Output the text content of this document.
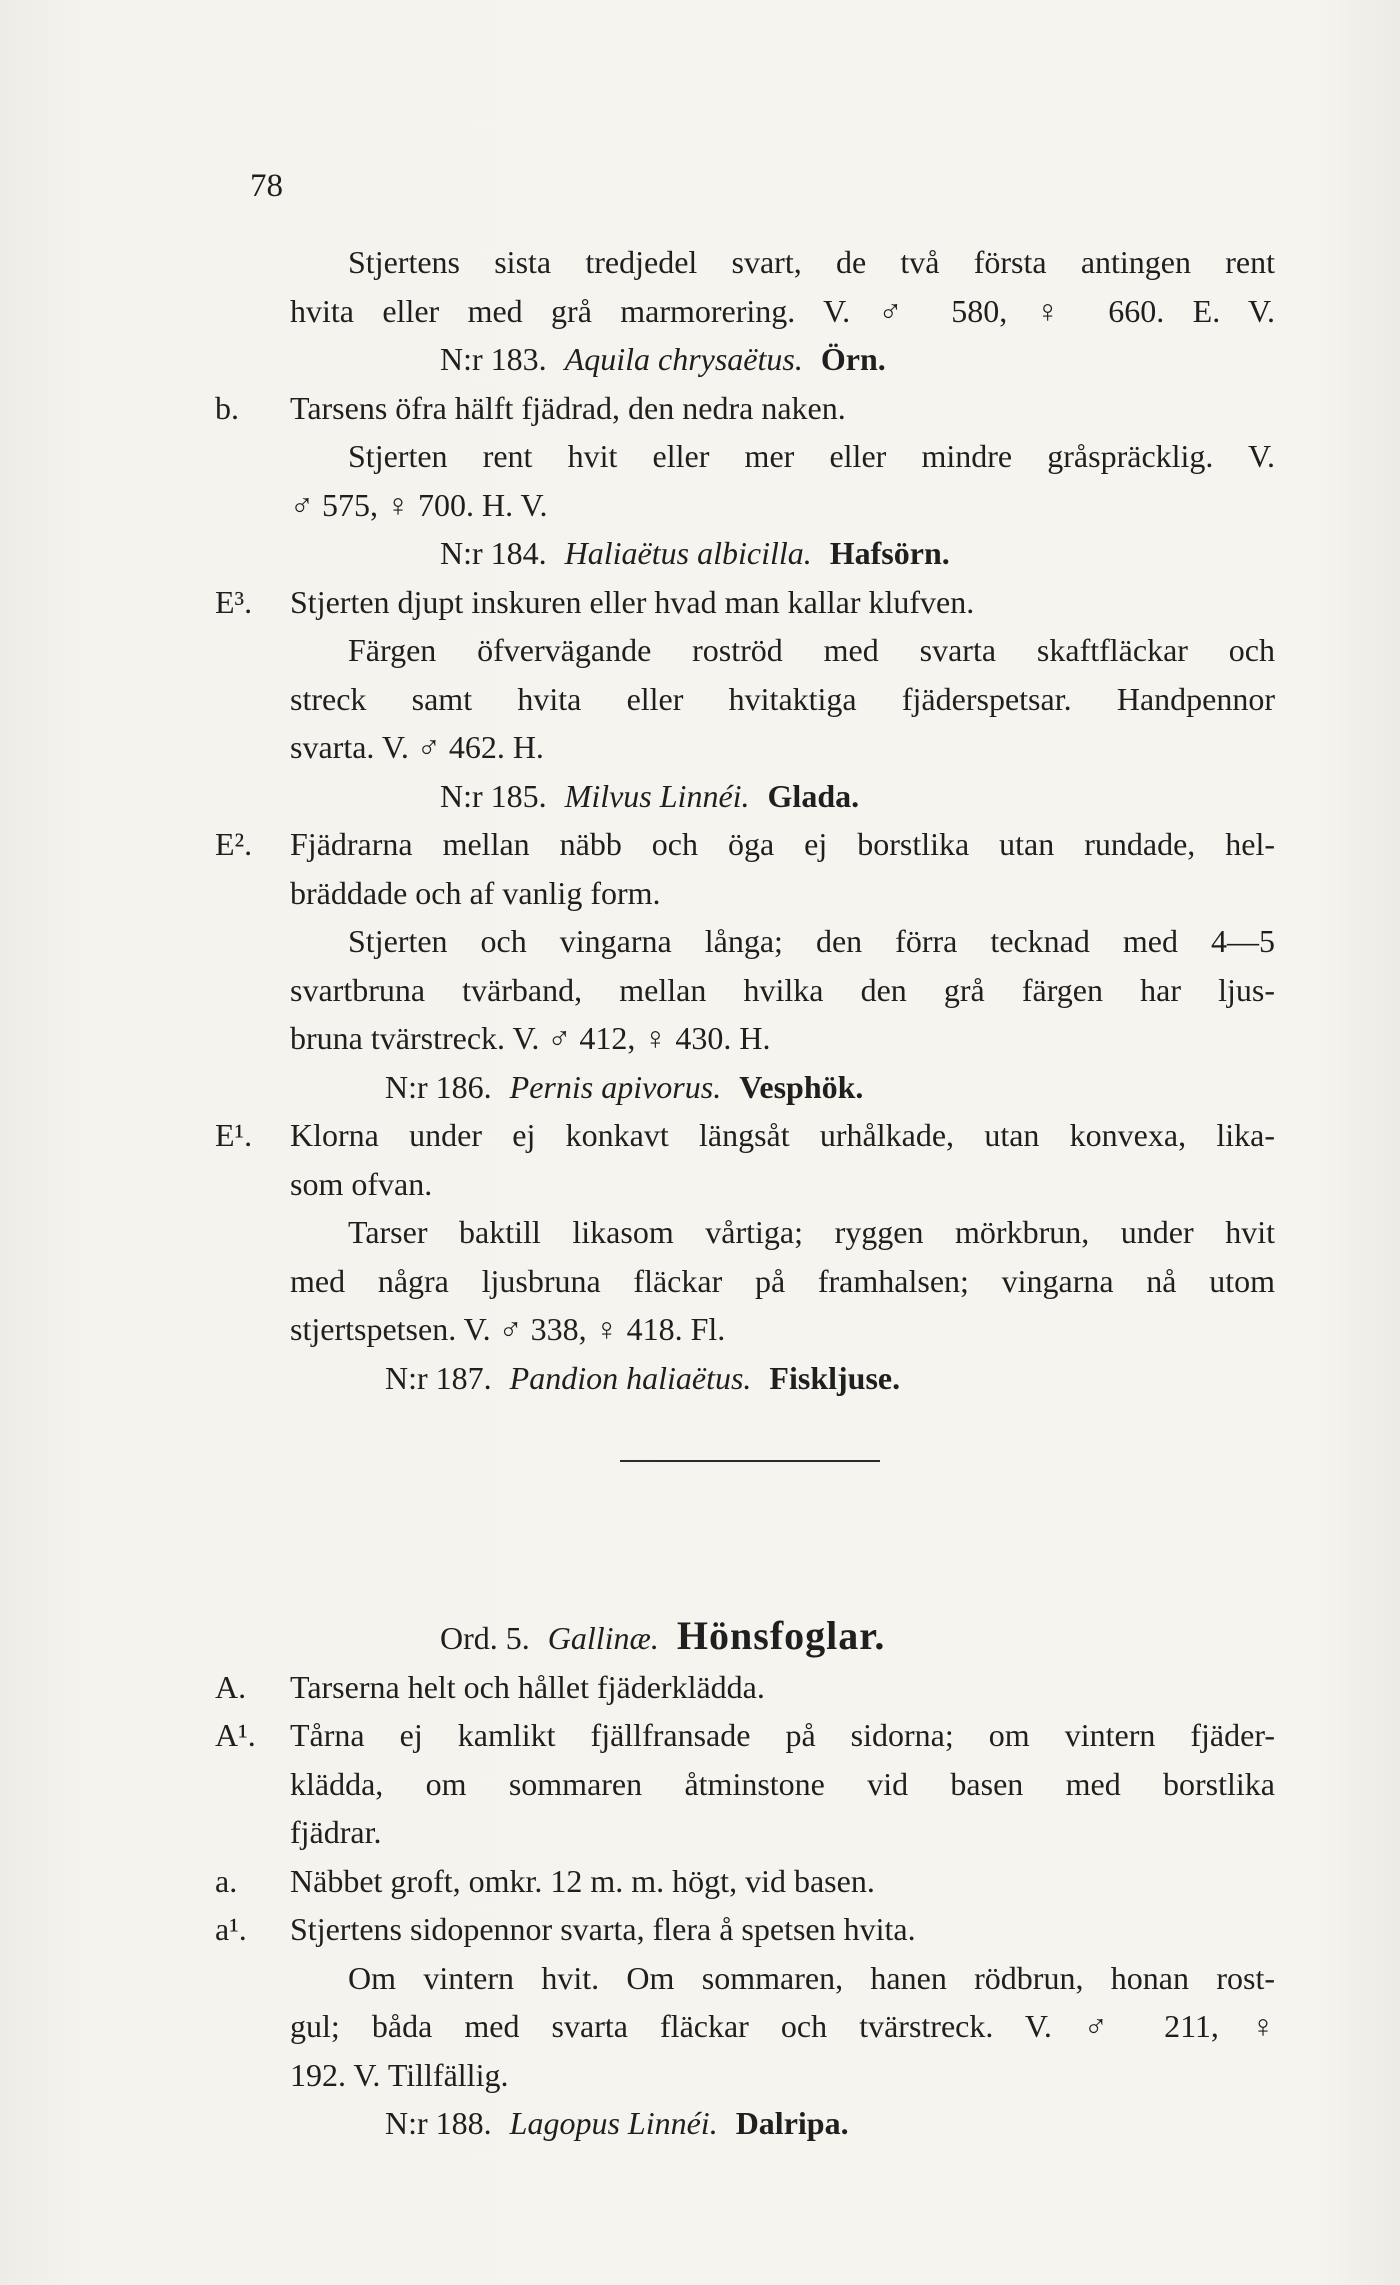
78
Stjertens sista tredjedel svart, de två första antingen rent
hvita eller med grå marmorering. V. ♂ 580, ♀ 660. E. V.
N:r 183. Aquila chrysaëtus. Örn.
b. Tarsens öfra hälft fjädrad, den nedra naken.
Stjerten rent hvit eller mer eller mindre gråspräcklig. V.
♂ 575, ♀ 700. H. V.
N:r 184. Haliaëtus albicilla. Hafsörn.
E³. Stjerten djupt inskuren eller hvad man kallar klufven.
Färgen öfvervägande roströd med svarta skaftfläckar och
streck samt hvita eller hvitaktiga fjäderspetsar. Handpennor
svarta. V. ♂ 462. H.
N:r 185. Milvus Linnéi. Glada.
E². Fjädrarna mellan näbb och öga ej borstlika utan rundade, hel-
bräddade och af vanlig form.
Stjerten och vingarna långa; den förra tecknad med 4—5
svartbruna tvärband, mellan hvilka den grå färgen har ljus-
bruna tvärstreck. V. ♂ 412, ♀ 430. H.
N:r 186. Pernis apivorus. Vesphök.
E¹. Klorna under ej konkavt längsåt urhålkade, utan konvexa, lika-
som ofvan.
Tarser baktill likasom vårtiga; ryggen mörkbrun, under hvit
med några ljusbruna fläckar på framhalsen; vingarna nå utom
stjertspetsen. V. ♂ 338, ♀ 418. Fl.
N:r 187. Pandion haliaëtus. Fiskljuse.
Ord. 5. Gallinæ. Hönsfoglar.
A. Tarserna helt och hållet fjäderklädda.
A¹. Tårna ej kamlikt fjällfransade på sidorna; om vintern fjäder-
klädda, om sommaren åtminstone vid basen med borstlika
fjädrar.
a. Näbbet groft, omkr. 12 m. m. högt, vid basen.
a¹. Stjertens sidopennor svarta, flera å spetsen hvita.
Om vintern hvit. Om sommaren, hanen rödbrun, honan rost-
gul; båda med svarta fläckar och tvärstreck. V. ♂ 211, ♀
192. V. Tillfällig.
N:r 188. Lagopus Linnéi. Dalripa.
